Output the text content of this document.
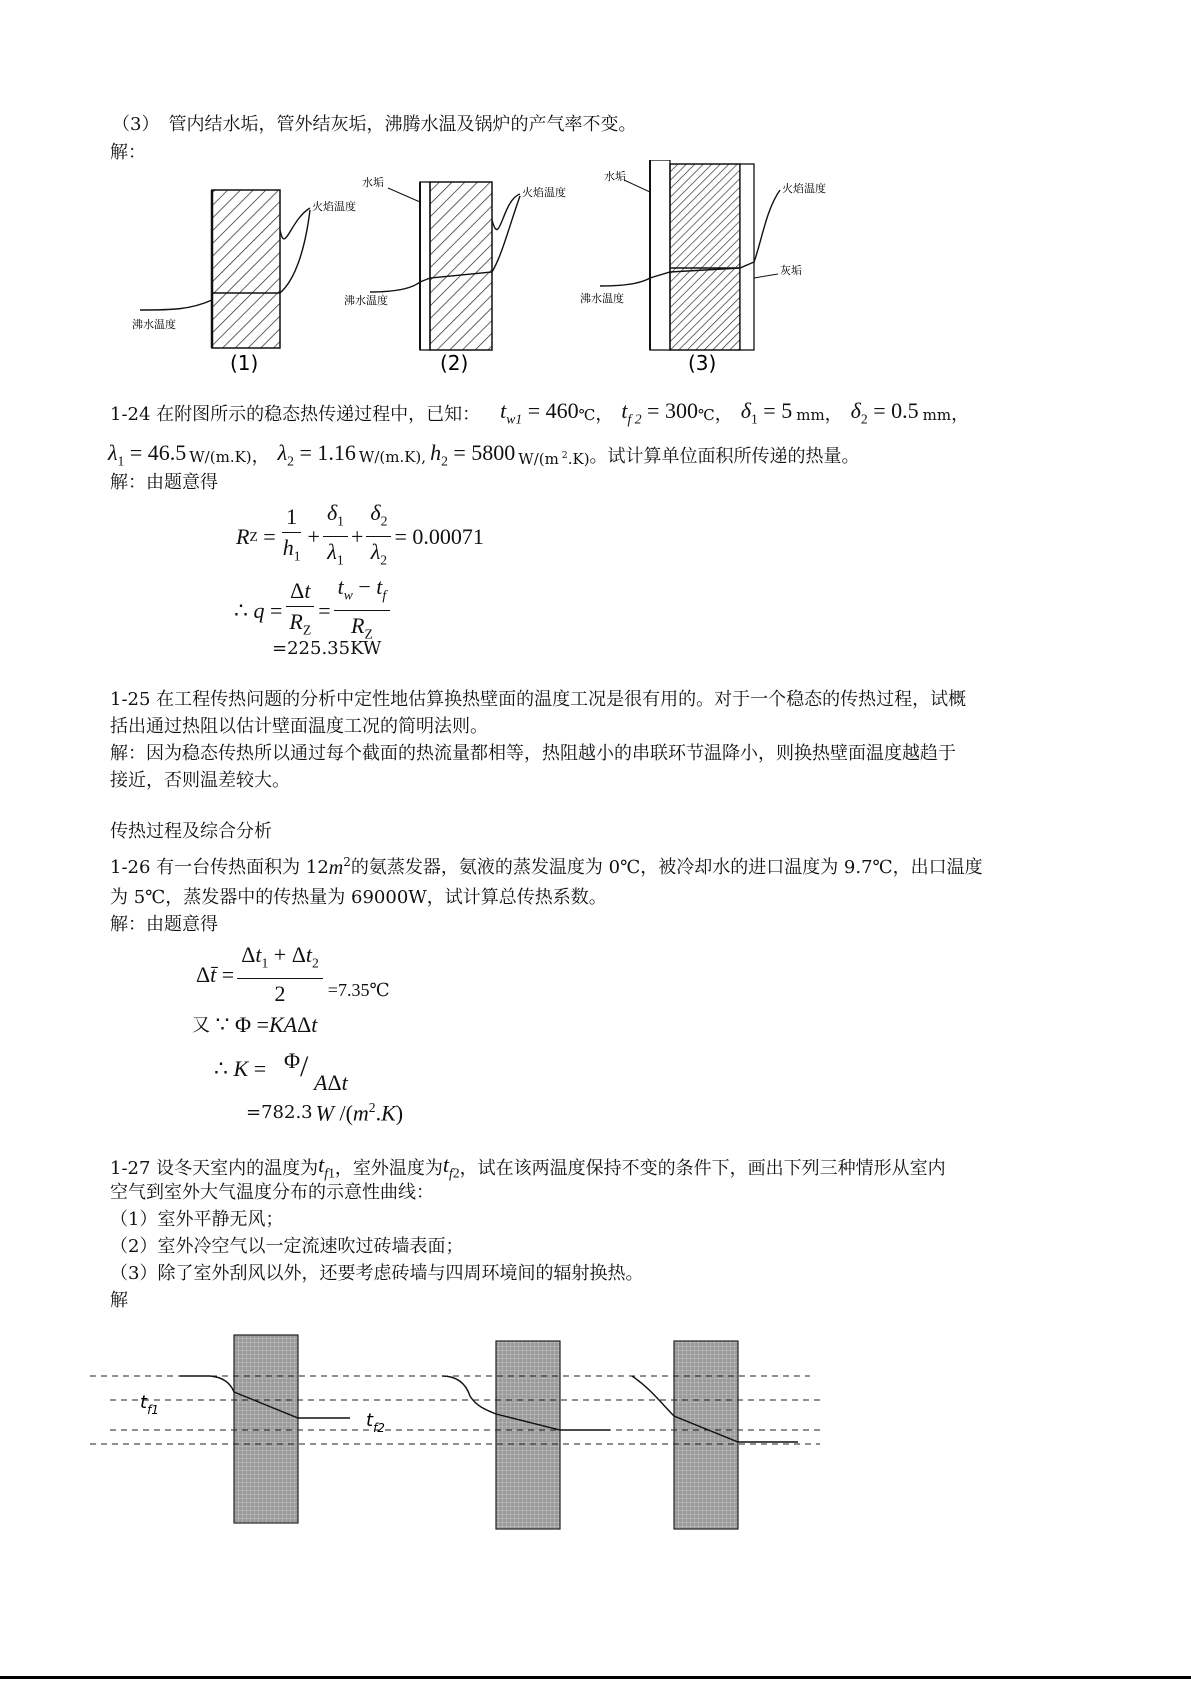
（3）　管内结水垢，管外结灰垢，沸腾水温及锅炉的产气率不变。
解：
火焰温度
沸水温度
(1)
水垢
火焰温度
沸水温度
(2)
水垢
火焰温度
灰垢
沸水温度
(3)
1-24 在附图所示的稳态热传递过程中，已知： $t_{w1} = 460$ ℃ ， $t_{f 2} = 300$ ℃ ， $\delta_1 = 5$ mm ， $\delta_2 = 0.5$ mm ，
$\lambda_1 = 46.5$ W/(m.K) ， $\lambda_2 = 1.16$ W/(m.K) , $h_2 = 5800$ W/(m $^2$.K) 。试计算单位面积所传递的热量。
解：由题意得
R $Z = \frac{1}{h_1} + \frac{\delta_1}{\lambda_1} + \frac{\delta_2}{\lambda_2} = 0.00071$
∴ $q = \frac{\Delta t}{R_Z} = \frac{t_w - t_f}{R_Z}$
=225.35KW
1-25 在工程传热问题的分析中定性地估算换热壁面的温度工况是很有用的。对于一个稳态的传热过程，试概
括出通过热阻以估计壁面温度工况的简明法则。
解：因为稳态传热所以通过每个截面的热流量都相等，热阻越小的串联环节温降小，则换热壁面温度越趋于
接近，否则温差较大。
传热过程及综合分析
1-26 有一台传热面积为 12 $m^2$ 的氨蒸发器，氨液的蒸发温度为 0℃，被冷却水的进口温度为 9.7℃，出口温度
为 5℃，蒸发器中的传热量为 69000W，试计算总传热系数。
解：由题意得
Δ t̄ = $\frac{\Delta t_1 + \Delta t_2}{2}$ =7.35℃
又 ∵ Φ = KA Δ t
∴ K = Φ / AΔt
=782.3 W $/(m^2.K)$
1-27 设冬天室内的温度为 $t_{f1}$ ，室外温度为 $t_{f2}$ ，试在该两温度保持不变的条件下，画出下列三种情形从室内
空气到室外大气温度分布的示意性曲线：
（1）室外平静无风；
（2）室外冷空气以一定流速吹过砖墙表面；
（3）除了室外刮风以外，还要考虑砖墙与四周环境间的辐射换热。
解
$t_{f1}$	$t_{f2}$
